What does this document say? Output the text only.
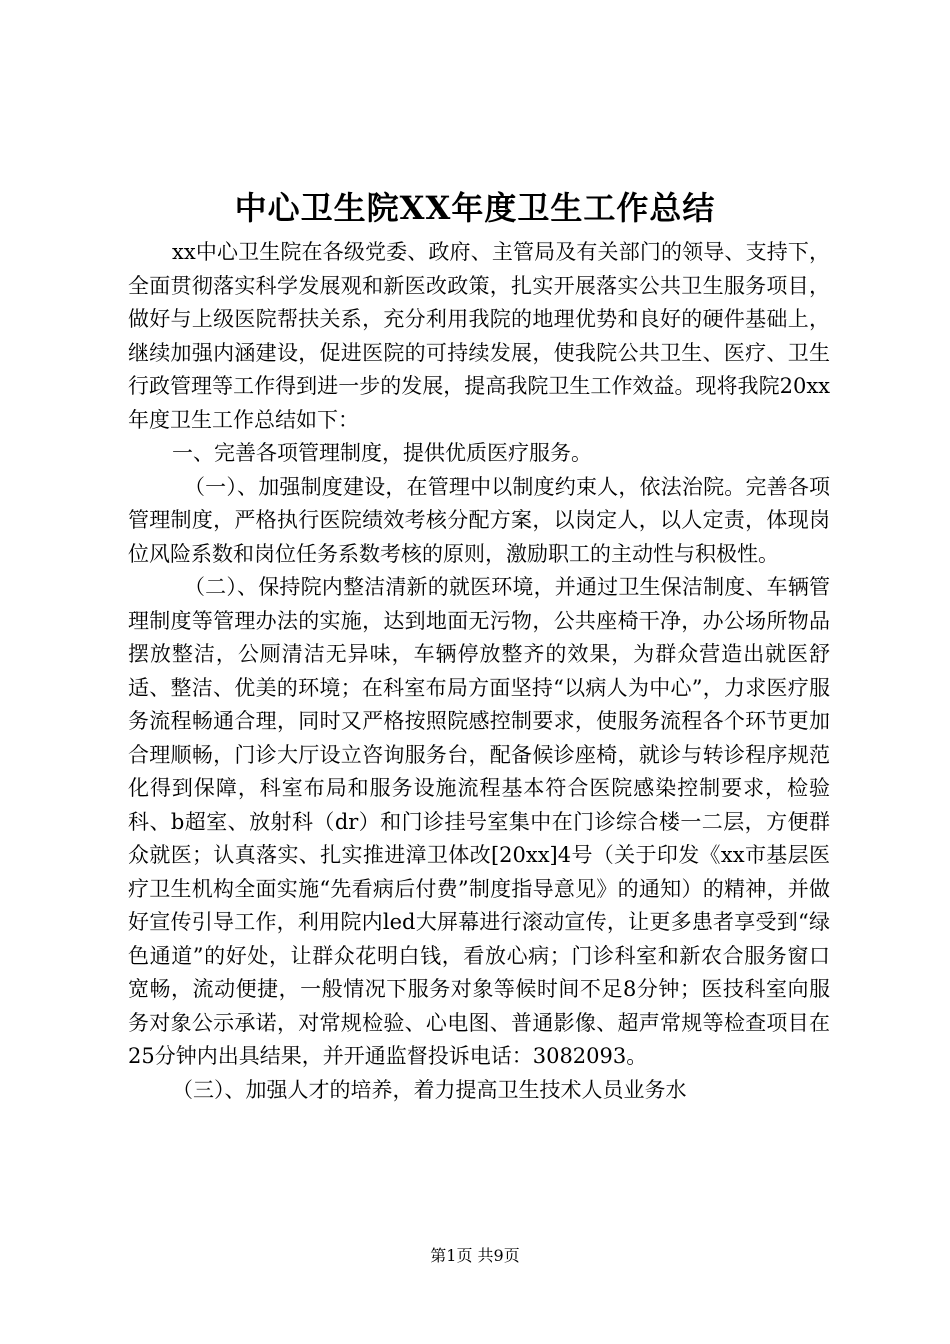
中心卫生院XX年度卫生工作总结

xx中心卫生院在各级党委、政府、主管局及有关部门的领导、支持下，全面贯彻落实科学发展观和新医改政策，扎实开展落实公共卫生服务项目，做好与上级医院帮扶关系，充分利用我院的地理优势和良好的硬件基础上，继续加强内涵建设，促进医院的可持续发展，使我院公共卫生、医疗、卫生行政管理等工作得到进一步的发展，提高我院卫生工作效益。现将我院20xx年度卫生工作总结如下：

一、完善各项管理制度，提供优质医疗服务。

（一）、加强制度建设，在管理中以制度约束人，依法治院。完善各项管理制度，严格执行医院绩效考核分配方案，以岗定人，以人定责，体现岗位风险系数和岗位任务系数考核的原则，激励职工的主动性与积极性。

（二）、保持院内整洁清新的就医环境，并通过卫生保洁制度、车辆管理制度等管理办法的实施，达到地面无污物，公共座椅干净，办公场所物品摆放整洁，公厕清洁无异味，车辆停放整齐的效果，为群众营造出就医舒适、整洁、优美的环境；在科室布局方面坚持“以病人为中心”，力求医疗服务流程畅通合理，同时又严格按照院感控制要求，使服务流程各个环节更加合理顺畅，门诊大厅设立咨询服务台，配备候诊座椅，就诊与转诊程序规范化得到保障，科室布局和服务设施流程基本符合医院感染控制要求，检验科、b超室、放射科（dr）和门诊挂号室集中在门诊综合楼一二层，方便群众就医；认真落实、扎实推进漳卫体改[20xx]4号（关于印发《xx市基层医疗卫生机构全面实施“先看病后付费”制度指导意见》的通知）的精神，并做好宣传引导工作，利用院内led大屏幕进行滚动宣传，让更多患者享受到“绿色通道”的好处，让群众花明白钱，看放心病；门诊科室和新农合服务窗口宽畅，流动便捷，一般情况下服务对象等候时间不足8分钟；医技科室向服务对象公示承诺，对常规检验、心电图、普通影像、超声常规等检查项目在25分钟内出具结果，并开通监督投诉电话：3082093。

（三）、加强人才的培养，着力提高卫生技术人员业务水

第1页 共9页
